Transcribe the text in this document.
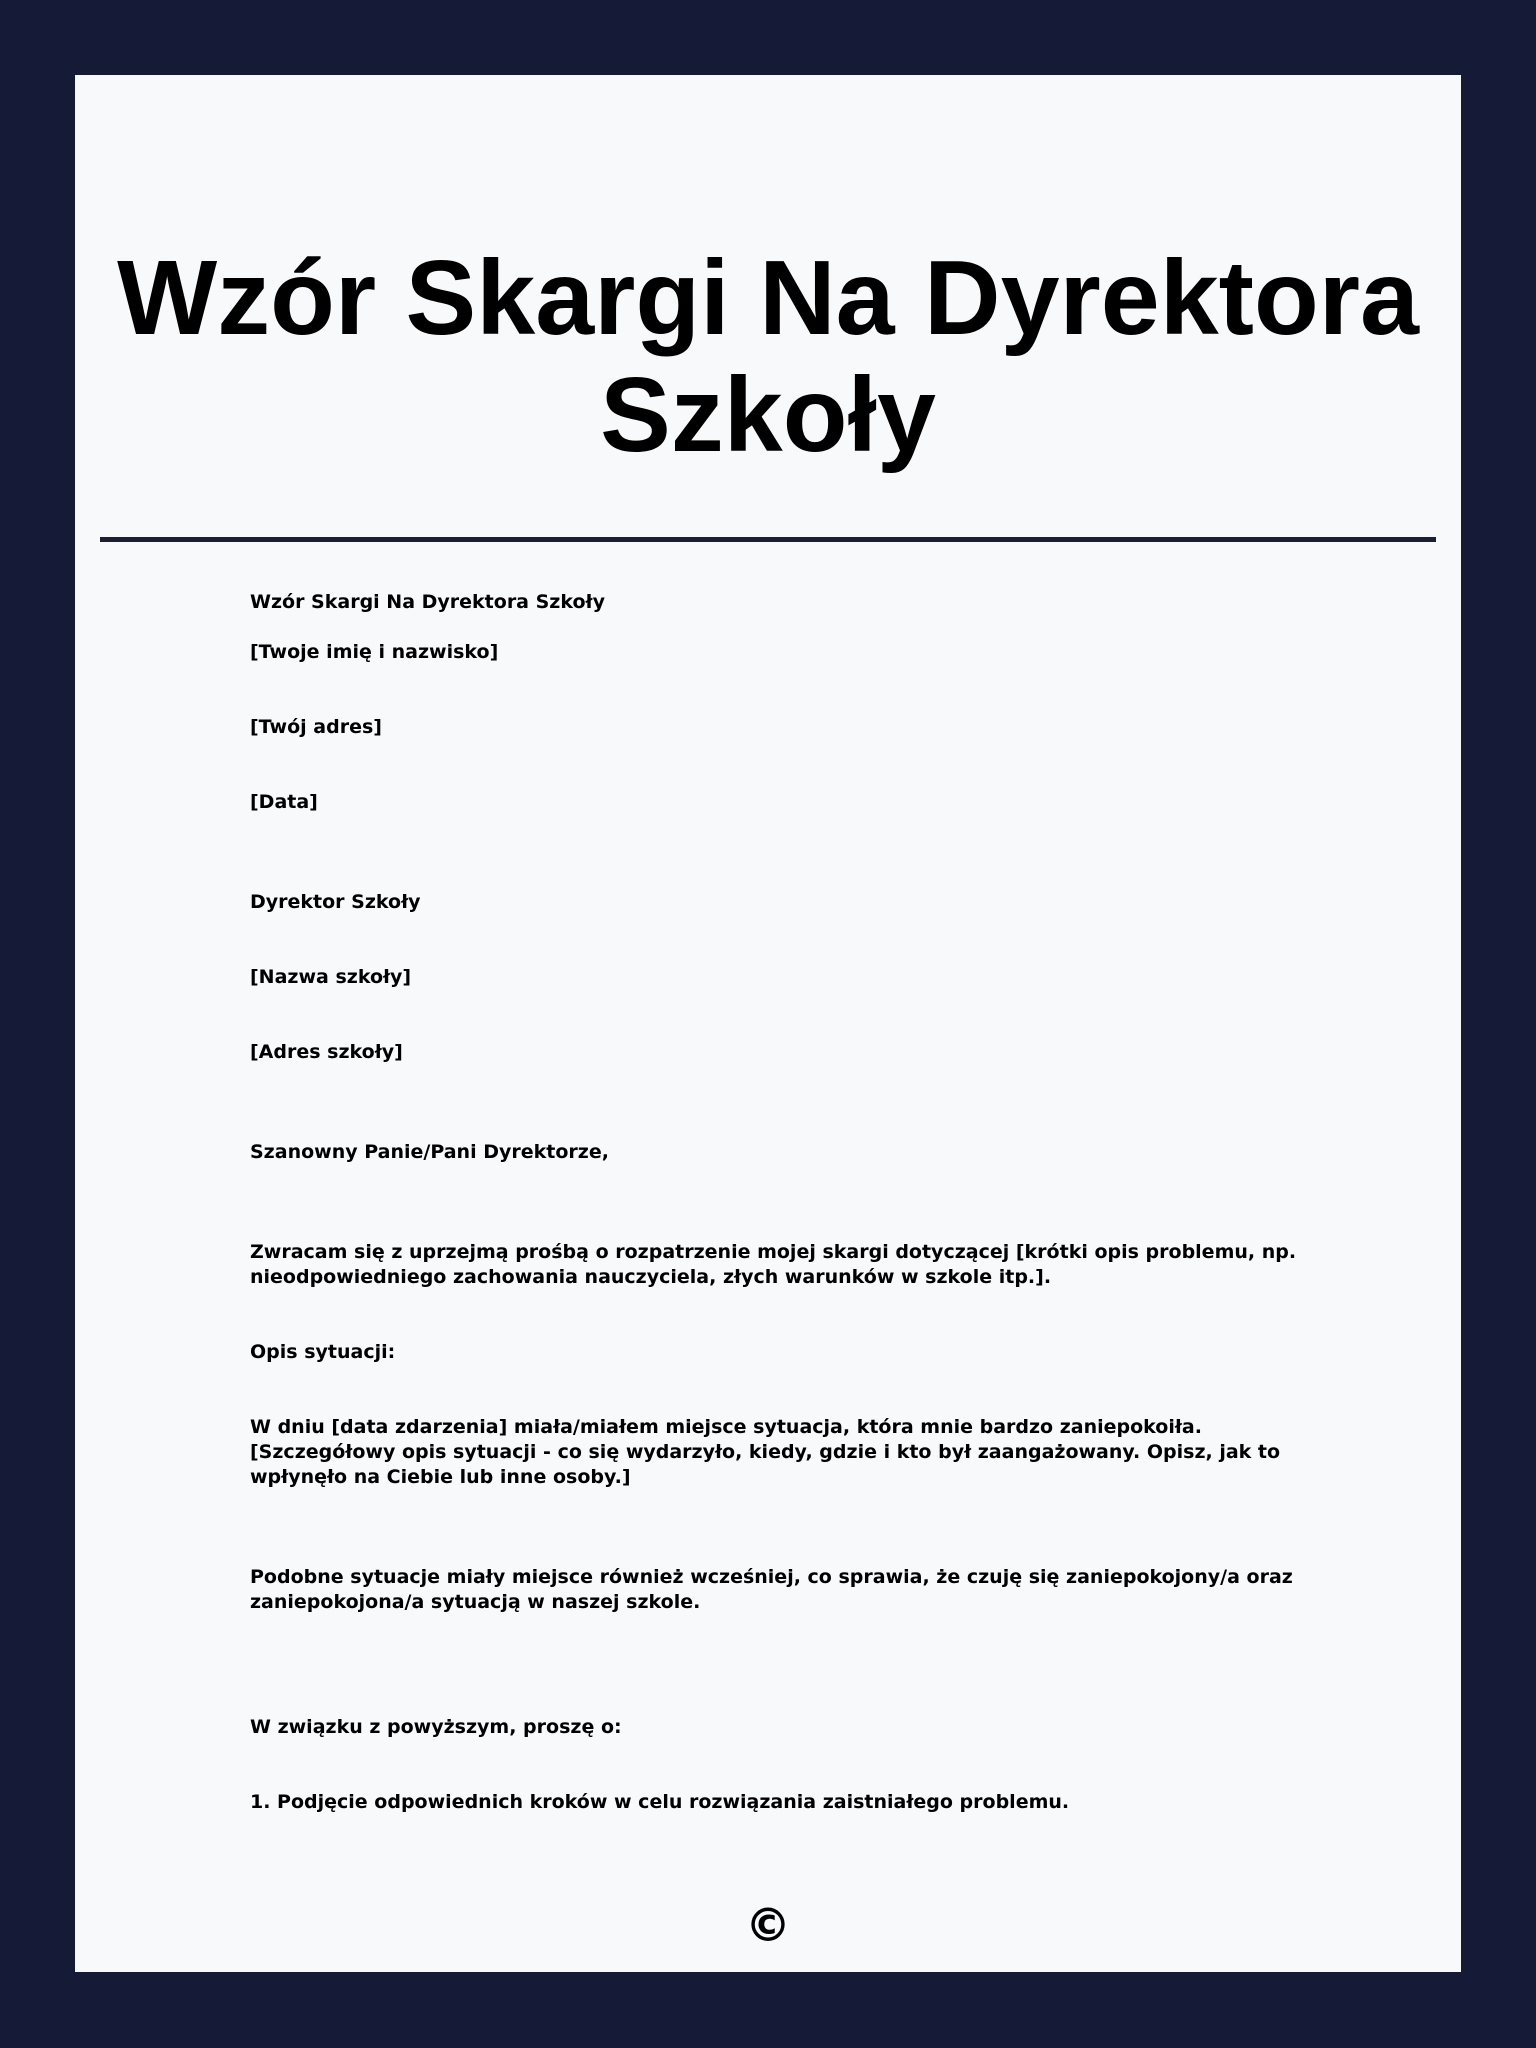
Wzór Skargi Na Dyrektora Szkoły

Wzór Skargi Na Dyrektora Szkoły

[Twoje imię i nazwisko]

[Twój adres]

[Data]

Dyrektor Szkoły

[Nazwa szkoły]

[Adres szkoły]

Szanowny Panie/Pani Dyrektorze,

Zwracam się z uprzejmą prośbą o rozpatrzenie mojej skargi dotyczącej [krótki opis problemu, np. nieodpowiedniego zachowania nauczyciela, złych warunków w szkole itp.].

Opis sytuacji:

W dniu [data zdarzenia] miała/miałem miejsce sytuacja, która mnie bardzo zaniepokoiła. [Szczegółowy opis sytuacji - co się wydarzyło, kiedy, gdzie i kto był zaangażowany. Opisz, jak to wpłynęło na Ciebie lub inne osoby.]

Podobne sytuacje miały miejsce również wcześniej, co sprawia, że czuję się zaniepokojony/a oraz zaniepokojona/a sytuacją w naszej szkole.

W związku z powyższym, proszę o:

1. Podjęcie odpowiednich kroków w celu rozwiązania zaistniałego problemu.

©
